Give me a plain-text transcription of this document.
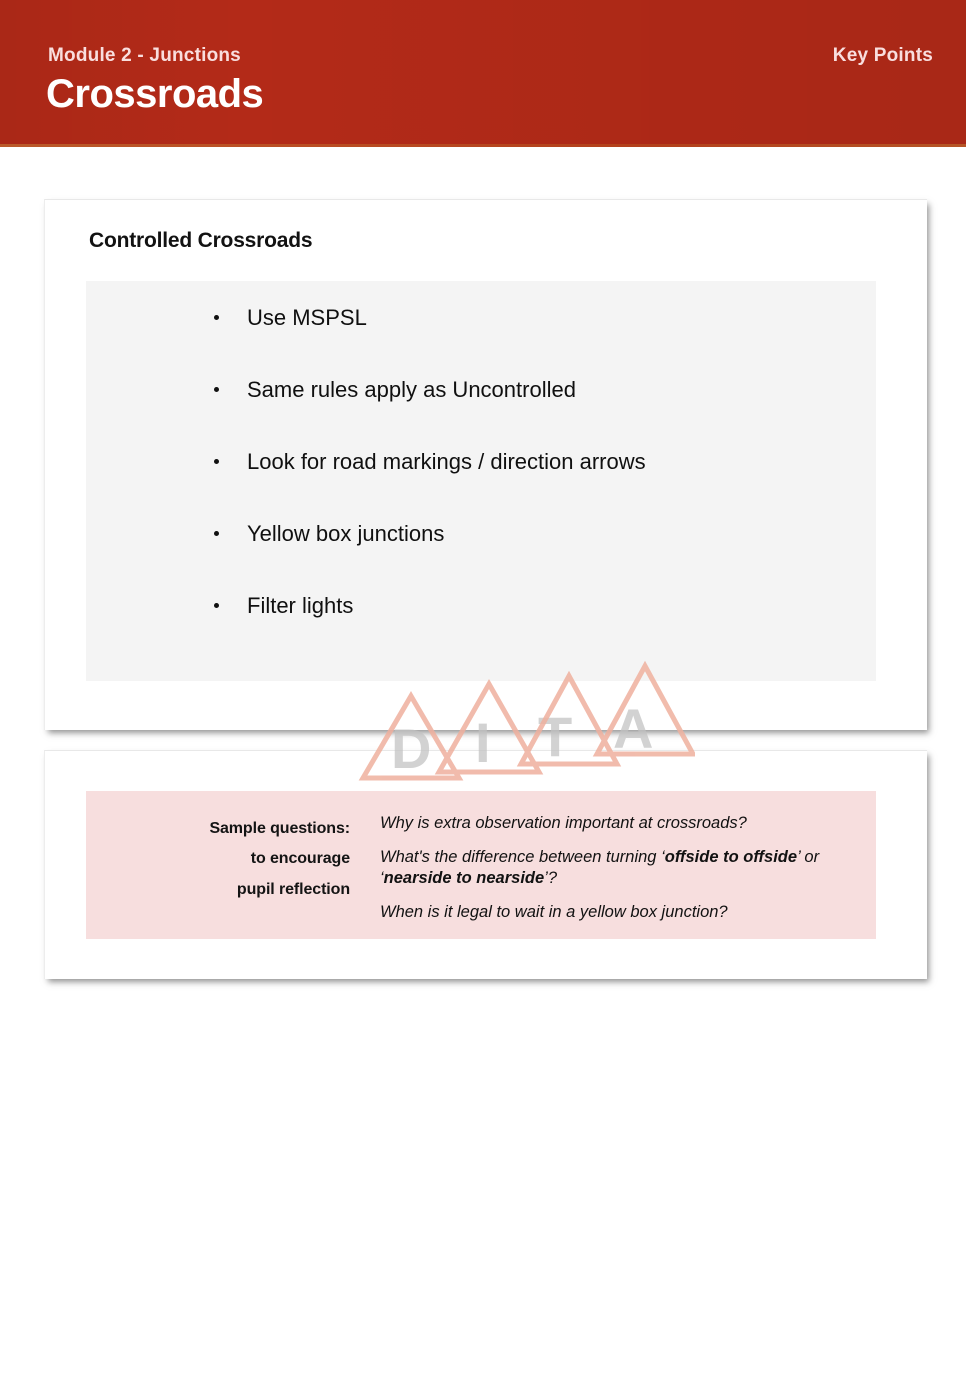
Module 2 - Junctions	Key Points
Crossroads
Controlled Crossroads
Use MSPSL
Same rules apply as Uncontrolled
Look for road markings / direction arrows
Yellow box junctions
Filter lights
Sample questions:
to encourage
pupil reflection
Why is extra observation important at crossroads?
What's the difference between turning ‘offside to offside’ or ‘nearside to nearside’?
When is it legal to wait in a yellow box junction?
D I T A
